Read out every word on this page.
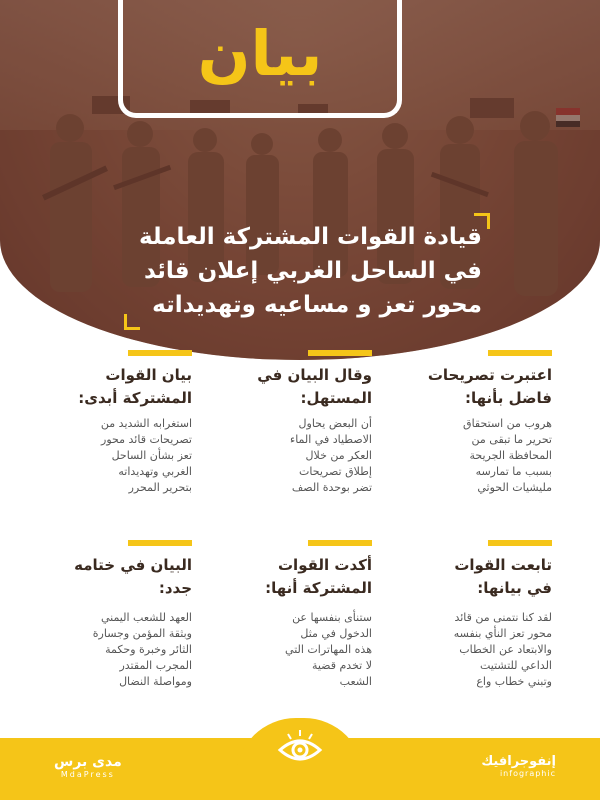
بيان
قيادة القوات المشتركة العاملة
في الساحل الغربي إعلان قائد
محور تعز و مساعيه وتهديداته
اعتبرت تصريحات
فاضل بأنها:
هروب من استحقاق
تحرير ما تبقى من
المحافظة الجريحة
بسبب ما تمارسه
مليشيات الحوثي
وقال البيان في
المستهل:
أن البعض يحاول
الاصطياد في الماء
العكر من خلال
إطلاق تصريحات
تضر بوحدة الصف
بيان القوات
المشتركة أبدى:
استغرابه الشديد من
تصريحات قائد محور
تعز بشأن الساحل
الغربي وتهديداته
بتحرير المحرر
تابعت القوات
في بيانها:
لقد كنا نتمنى من قائد
محور تعز النأي بنفسه
والابتعاد عن الخطاب
الداعي للتشتيت
وتبني خطاب واع
أكدت القوات
المشتركة أنها:
ستنأى بنفسها عن
الدخول في مثل
هذه المهاترات التي
لا تخدم قضية
الشعب
البيان في ختامه
جدد:
العهد للشعب اليمني
وبثقة المؤمن وجسارة
الثائر وخبرة وحكمة
المجرب المقتدر
ومواصلة النضال
مدى برس
MdaPress
إنفوجرافيك
infographic
